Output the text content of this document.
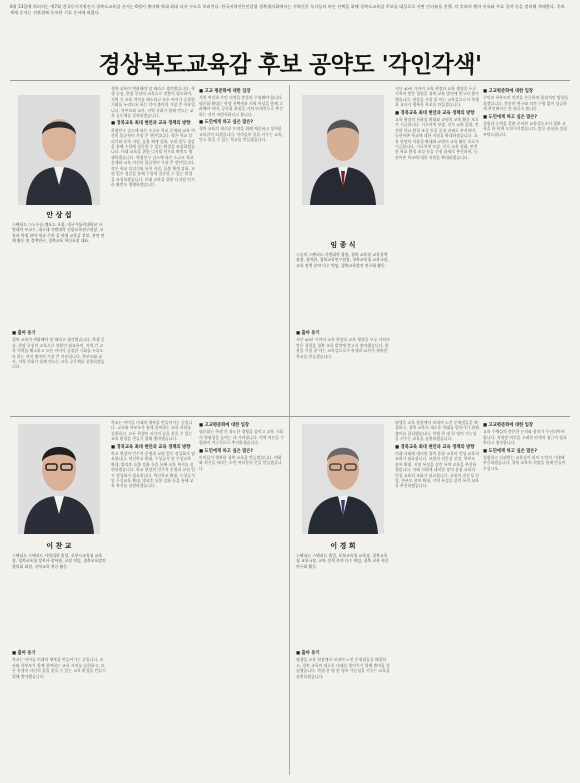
6월 13일에 치러지는 제7회 전국동시지방선거 경북도교육감 선거는 6명이 출마해 역대 최대 다자 구도로 치러진다. 한국지역언론인클럽 경북협의회에서는 지역신문 독자들의 바른 선택을 위해 경북도교육감 후보를 대상으로 서면 인터뷰를 진행, 각 후보의 출마 이유와 주요 공약 등을 정리해 게재한다. 후보 게재 순서는 선관위에 등록한 기호 순서에 따랐다.
경상북도교육감 후보 공약도 '각인각색'
안 상 섭
스탠퍼드 스노우슈-멤포드 포함, 대구가톨릭대학교 사범대학 부교수, 대구대 사범대학 신암교육연구원장, 교육과 학생 참여·개교 수차 실 학생 교육감 후보, 관련 단체 활동 및 정책연구, 경북교육 혁신포럼 대표.
■ 출마 동기
경북 교육이 변화해야 할 때라고 생각했습니다. 학생 중심, 현장 중심의 교육으로 전환이 필요하며, 지역 간 교육 격차를 해소하고 모든 아이가 공정한 기회를 누리도록 하는 것이 출마의 가장 큰 이유입니다. 학부모와 교사, 지역 사회가 함께 만드는 교육 공동체를 실현하겠습니다.
경북 교육이 변화해야 할 때라고 생각했습니다. 학생 중심, 현장 중심의 교육으로 전환이 필요하며, 지역 간 교육 격차를 해소하고 모든 아이가 공정한 기회를 누리도록 하는 것이 출마의 가장 큰 이유입니다. 학부모와 교사, 지역 사회가 함께 만드는 교육 공동체를 실현하겠습니다.
■ 경북교육 최대 현안과 교육 정책의 방향
학령인구 감소에 따른 소규모 학교 문제와 교육 여건의 불균형이 가장 큰 현안입니다. 작은 학교 살리기와 통학 지원, 돌봄 체계 강화, 교원 업무 경감을 통해 수업에 집중할 수 있는 환경을 조성하겠습니다. 미래 교육을 위한 디지털 인프라 확충도 병행하겠습니다. 학령인구 감소에 따른 소규모 학교 문제와 교육 여건의 불균형이 가장 큰 현안입니다. 작은 학교 살리기와 통학 지원, 돌봄 체계 강화, 교원 업무 경감을 통해 수업에 집중할 수 있는 환경을 조성하겠습니다. 미래 교육을 위한 디지털 인프라 확충도 병행하겠습니다.
■ 고교 평준화에 대한 입장
지역 여건과 주민 의견을 충분히 수렴해야 합니다. 평준화 확대는 학생 선택권과 지역 특성을 함께 고려해야 하며, 공론화 과정을 거쳐 단계적으로 추진하는 것이 바람직하다고 봅니다.
■ 도민에게 하고 싶은 말은?
경북 교육의 새로운 도약을 위해 깨끗하고 정직한 교육감이 되겠습니다. 아이들의 꿈을 키우는 교육, 믿고 맡길 수 있는 학교를 만들겠습니다.
임 종 식
스승의 스탠퍼드 사범대학 졸업, 경북 교육청 교육정책과장, 장학관, 경북교육연수원장, 경북교육청 교육국장, 교육 정책 분야 다수 역임, 경북교육발전 연구회 활동.
■ 출마 동기
지난 40년 가까이 교육 현장과 교육 행정을 두루 거치며 쌓은 경험을 경북 교육 발전에 쏟고자 출마했습니다. 현장을 가장 잘 아는 교육감으로서 학생과 교사가 행복한 학교를 만들겠습니다.
지난 40년 가까이 교육 현장과 교육 행정을 두루 거치며 쌓은 경험을 경북 교육 발전에 쏟고자 출마했습니다. 현장을 가장 잘 아는 교육감으로서 학생과 교사가 행복한 학교를 만들겠습니다.
■ 경북교육 최대 현안과 교육 정책의 방향
교육 현장의 자율성 확대와 교원의 교육 활동 보호가 시급합니다. 기초학력 보장, 진로 교육 강화, 안전한 학교 환경 조성 등을 중점 과제로 추진하며, 농산어촌 학교에 대한 지원을 확대하겠습니다. 교육 현장의 자율성 확대와 교원의 교육 활동 보호가 시급합니다. 기초학력 보장, 진로 교육 강화, 안전한 학교 환경 조성 등을 중점 과제로 추진하며, 농산어촌 학교에 대한 지원을 확대하겠습니다.
■ 고교평준화에 대한 입장
주민과 학부모의 의견을 존중하여 합리적인 방향을 찾겠습니다. 충분한 연구와 의견 수렴 없이 성급하게 추진해서는 안 된다고 봅니다.
■ 도민에게 하고 싶은 말은?
경험과 능력을 갖춘 준비된 교육감으로서 경북 교육을 한 단계 도약시키겠습니다. 많은 관심과 성원 부탁드립니다.
이 찬 교
스탠퍼드 스탠퍼드 사범대학 졸업, 포항시교육청 교육장, 경북교육청 장학사·장학관, 교장 역임, 경북교육발전협의회 회원, 지역교육 혁신 활동.
■ 출마 동기
학교는 아이들 미래의 행복을 만들어가는 곳입니다. 교사와 학부모가 함께 참여하는 교육 자치를 실현하고, 모든 학생이 자신의 꿈을 찾을 수 있는 교육 환경을 만들기 위해 출마했습니다.
학교는 아이들 미래의 행복을 만들어가는 곳입니다. 교사와 학부모가 함께 참여하는 교육 자치를 실현하고, 모든 학생이 자신의 꿈을 찾을 수 있는 교육 환경을 만들기 위해 출마했습니다.
■ 경북교육 최대 현안과 교육 정책의 방향
학교 현장의 민주적 운영과 교원 업무 정상화가 필요합니다. 혁신학교 확대, 무상급식 및 무상교육 확대, 방과후 돌봄 강화 등을 통해 교육 복지를 실현하겠습니다. 학교 현장의 민주적 운영과 교원 업무 정상화가 필요합니다. 혁신학교 확대, 무상급식 및 무상교육 확대, 방과후 돌봄 강화 등을 통해 교육 복지를 실현하겠습니다.
■ 고교평준화에 대한 입장
평준화는 학생 간 과도한 경쟁을 줄이고 교육 기회의 형평성을 높이는 데 기여합니다. 지역 여론을 수렴하여 적극적으로 추진하겠습니다.
■ 도민에게 하고 싶은 말은?
아이들이 행복한 경북 교육을 만들겠습니다. 변화와 혁신을 바라는 도민 여러분의 뜻을 받들겠습니다.
이 경 희
스탠퍼드 스탠퍼드 졸업, 포항교육청 교육장, 경북교육청 교육국장, 교육 정책 분야 다수 역임, 경북 교육 혁신 연구회 활동.
■ 출마 동기
평생을 교육 현장에서 보내며 느낀 문제점들을 해결하고, 경북 교육의 새로운 미래를 열어가기 위해 출마를 결심했습니다. 학생 한 명 한 명의 가능성을 키우는 교육을 실현하겠습니다.
평생을 교육 현장에서 보내며 느낀 문제점들을 해결하고, 경북 교육의 새로운 미래를 열어가기 위해 출마를 결심했습니다. 학생 한 명 한 명의 가능성을 키우는 교육을 실현하겠습니다.
■ 경북교육 최대 현안과 교육 정책의 방향
미래 사회에 대비한 창의 융합 교육과 인성 교육의 조화가 필요합니다. 교원의 전문성 신장, 학부모 참여 확대, 지역 특성을 살린 특색 교육을 추진하겠습니다. 미래 사회에 대비한 창의 융합 교육과 인성 교육의 조화가 필요합니다. 교원의 전문성 신장, 학부모 참여 확대, 지역 특성을 살린 특색 교육을 추진하겠습니다.
■ 고교평준화에 대한 입장
교육 주체들의 충분한 논의와 합의가 우선되어야 합니다. 지역별 여건을 고려한 단계적 접근이 필요하다고 생각합니다.
■ 도민에게 하고 싶은 말은?
청렴하고 신뢰받는 교육감이 되어 도민의 기대에 부응하겠습니다. 경북 교육의 희망을 함께 만들어 주십시오.
